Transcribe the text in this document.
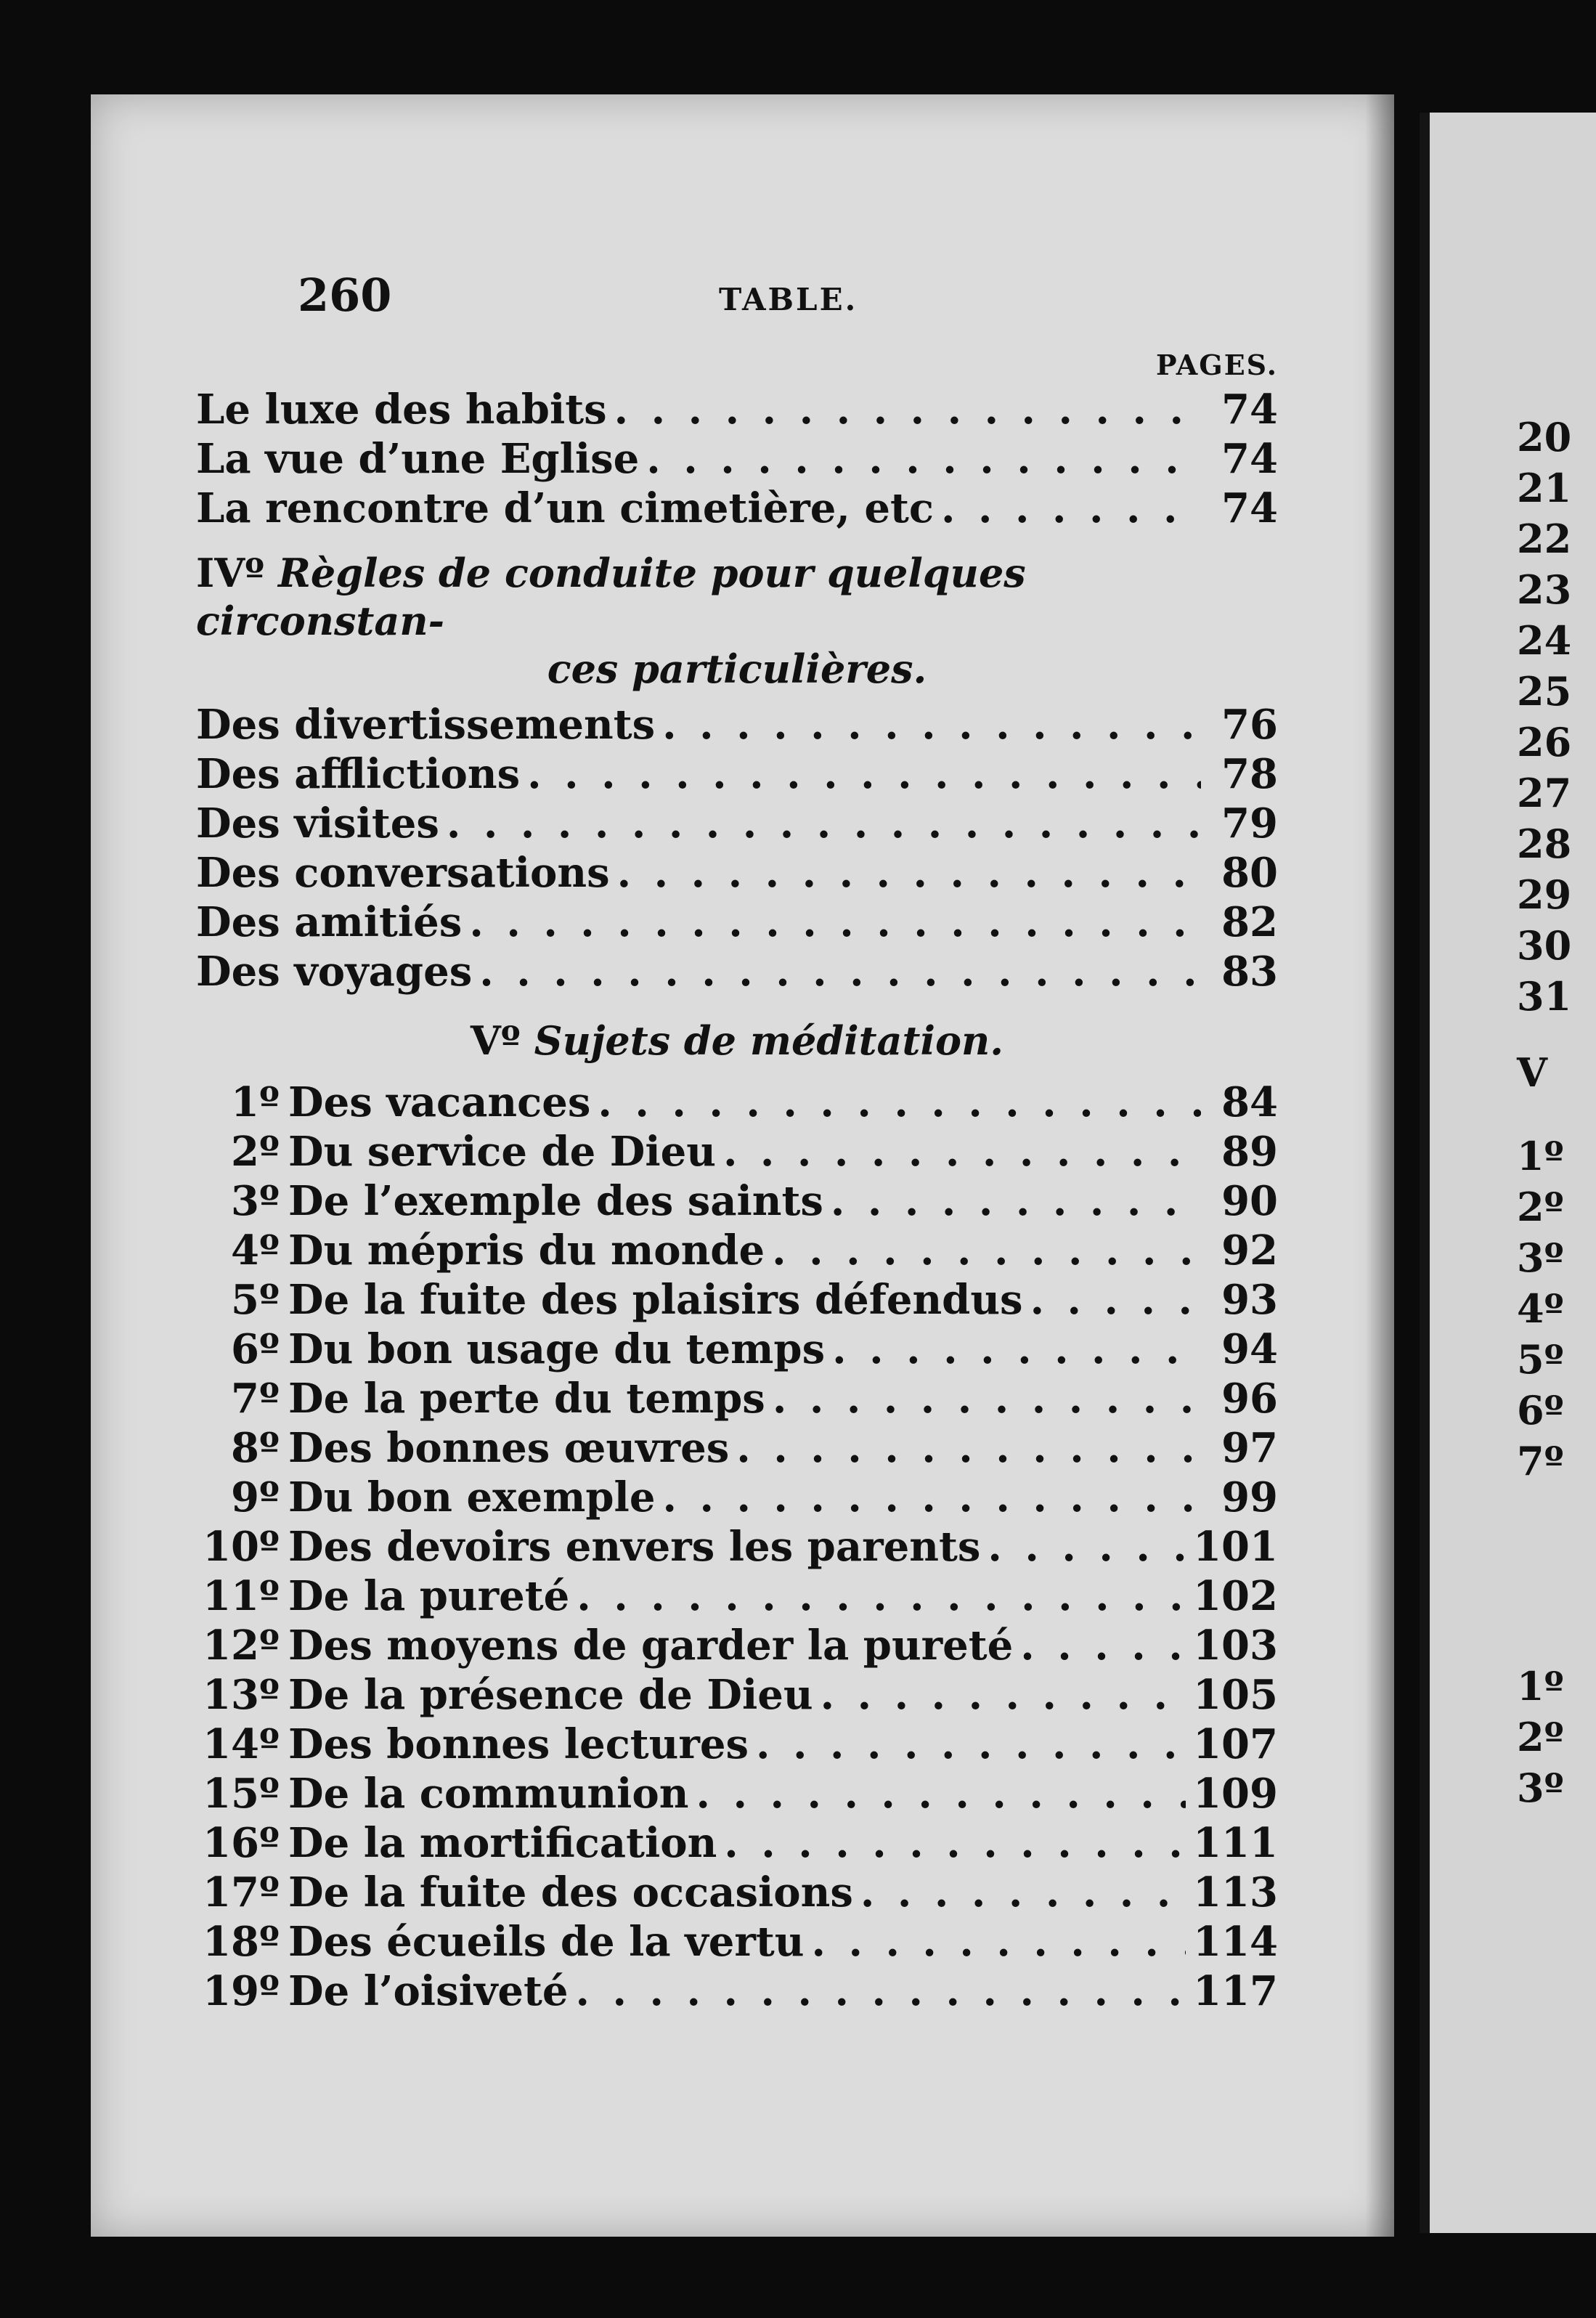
20
21
22
23
24
25
26
27
28
29
30
31
V
1º
2º
3º
4º
5º
6º
7º
1º
2º
3º
260	TABLE.
PAGES.
Le luxe des habits . . .	74
La vue d’une Eglise . . .	74
La rencontre d’un cimetière, etc . . .	74
IVº Règles de conduite pour quelques circonstan-
ces particulières.
Des divertissements . . .	76
Des afflictions . . .	78
Des visites . . .	79
Des conversations . . .	80
Des amitiés . . .	82
Des voyages . . .	83
Vº Sujets de méditation.
1º Des vacances . . .	84
2º Du service de Dieu . . .	89
3º De l’exemple des saints . . .	90
4º Du mépris du monde . . .	92
5º De la fuite des plaisirs défendus . . .	93
6º Du bon usage du temps . . .	94
7º De la perte du temps . . .	96
8º Des bonnes œuvres . . .	97
9º Du bon exemple . . .	99
10º Des devoirs envers les parents . . .	101
11º De la pureté . . .	102
12º Des moyens de garder la pureté . . .	103
13º De la présence de Dieu . . .	105
14º Des bonnes lectures . . .	107
15º De la communion . . .	109
16º De la mortification . . .	111
17º De la fuite des occasions . . .	113
18º Des écueils de la vertu . . .	114
19º De l’oisiveté . . .	117
